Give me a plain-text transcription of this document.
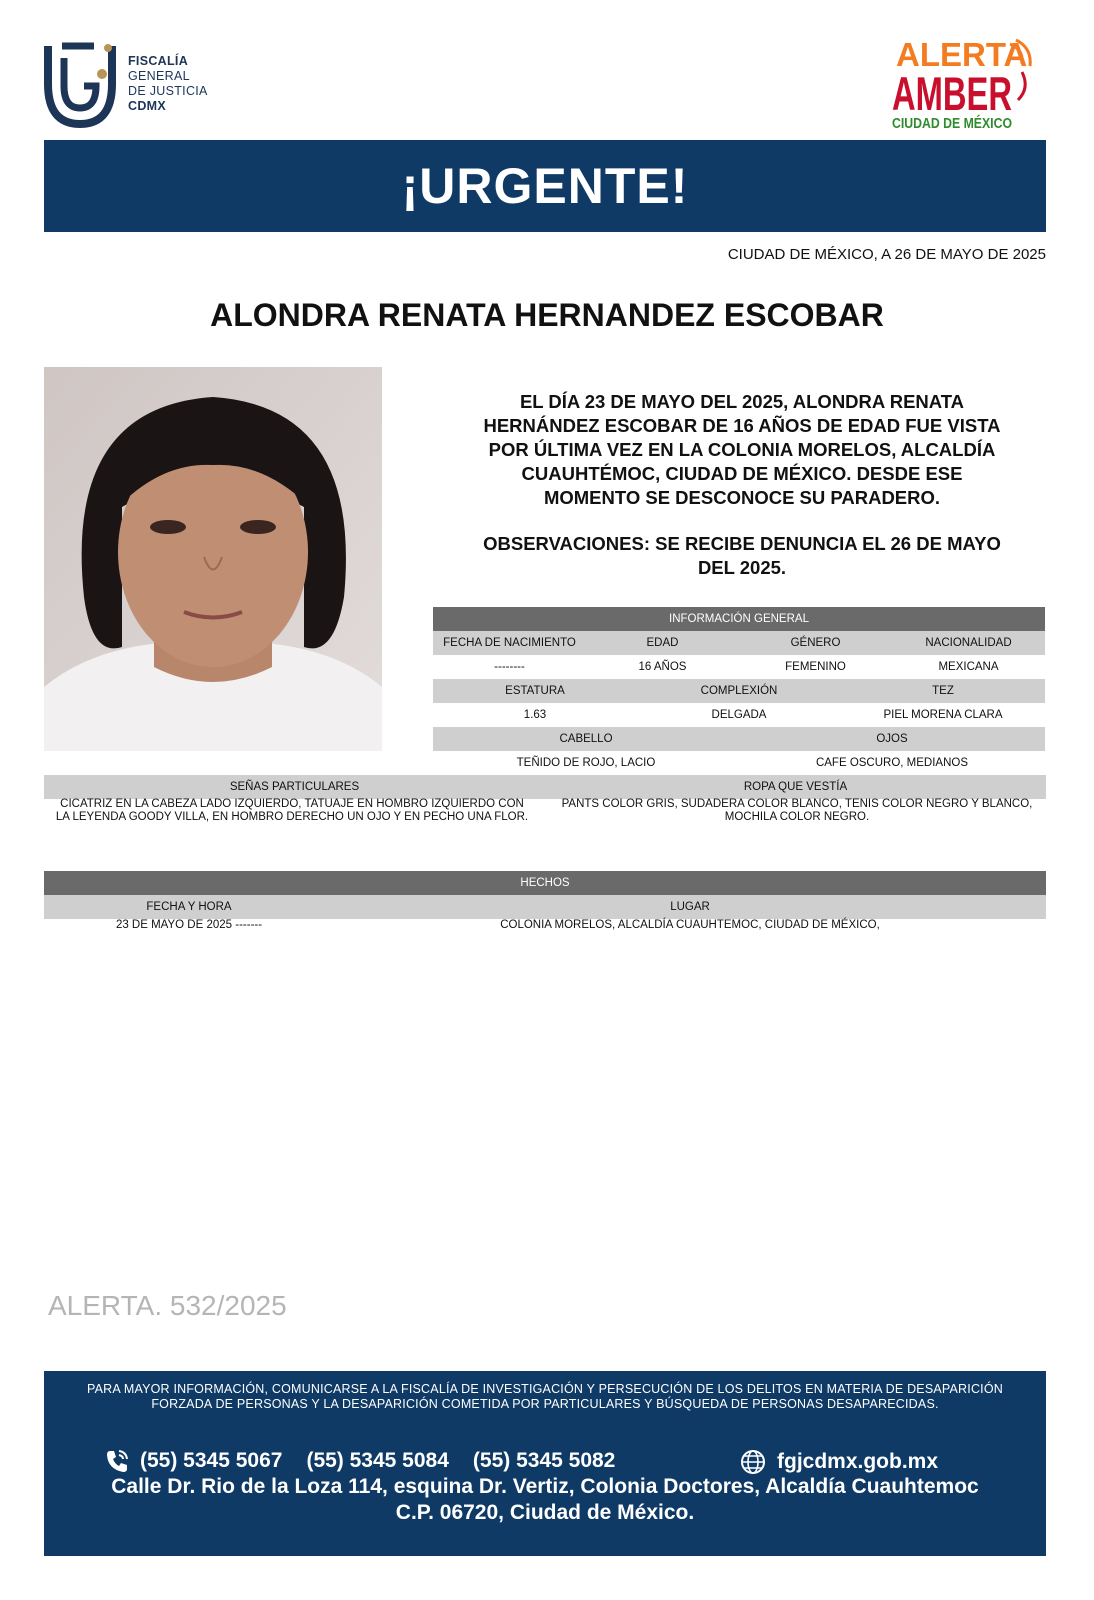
FISCALÍA
GENERAL
DE JUSTICIA
CDMX
ALERTA
AMBER
CIUDAD DE MÉXICO
¡URGENTE!
CIUDAD DE MÉXICO, A 26 DE MAYO DE 2025
ALONDRA RENATA HERNANDEZ ESCOBAR
EL DÍA 23 DE MAYO DEL 2025, ALONDRA RENATA
HERNÁNDEZ ESCOBAR DE 16 AÑOS DE EDAD FUE VISTA
POR ÚLTIMA VEZ EN LA COLONIA MORELOS, ALCALDÍA
CUAUHTÉMOC, CIUDAD DE MÉXICO. DESDE ESE
MOMENTO SE DESCONOCE SU PARADERO.
OBSERVACIONES: SE RECIBE DENUNCIA EL 26 DE MAYO
DEL 2025.
INFORMACIÓN GENERAL
FECHA DE NACIMIENTO	EDAD	GÉNERO	NACIONALIDAD
--------	16 AÑOS	FEMENINO	MEXICANA
ESTATURA	COMPLEXIÓN	TEZ
1.63	DELGADA	PIEL MORENA CLARA
CABELLO	OJOS
TEÑIDO DE ROJO, LACIO	CAFE OSCURO, MEDIANOS
SEÑAS PARTICULARES	ROPA QUE VESTÍA
CICATRIZ EN LA CABEZA LADO IZQUIERDO, TATUAJE EN HOMBRO IZQUIERDO CON
LA LEYENDA GOODY VILLA, EN HOMBRO DERECHO UN OJO Y EN PECHO UNA FLOR.
PANTS COLOR GRIS, SUDADERA COLOR BLANCO, TENIS COLOR NEGRO Y BLANCO,
MOCHILA COLOR NEGRO.
HECHOS
FECHA Y HORA	LUGAR
23 DE MAYO DE 2025 -------	COLONIA MORELOS, ALCALDÍA CUAUHTEMOC, CIUDAD DE MÉXICO,
ALERTA. 532/2025
PARA MAYOR INFORMACIÓN, COMUNICARSE A LA FISCALÍA DE INVESTIGACIÓN Y PERSECUCIÓN DE LOS DELITOS EN MATERIA DE DESAPARICIÓN
FORZADA DE PERSONAS Y LA DESAPARICIÓN COMETIDA POR PARTICULARES Y BÚSQUEDA DE PERSONAS DESAPARECIDAS.
(55) 5345 5067 (55) 5345 5084 (55) 5345 5082	fgjcdmx.gob.mx
Calle Dr. Rio de la Loza 114, esquina Dr. Vertiz, Colonia Doctores, Alcaldía Cuauhtemoc
C.P. 06720, Ciudad de México.
